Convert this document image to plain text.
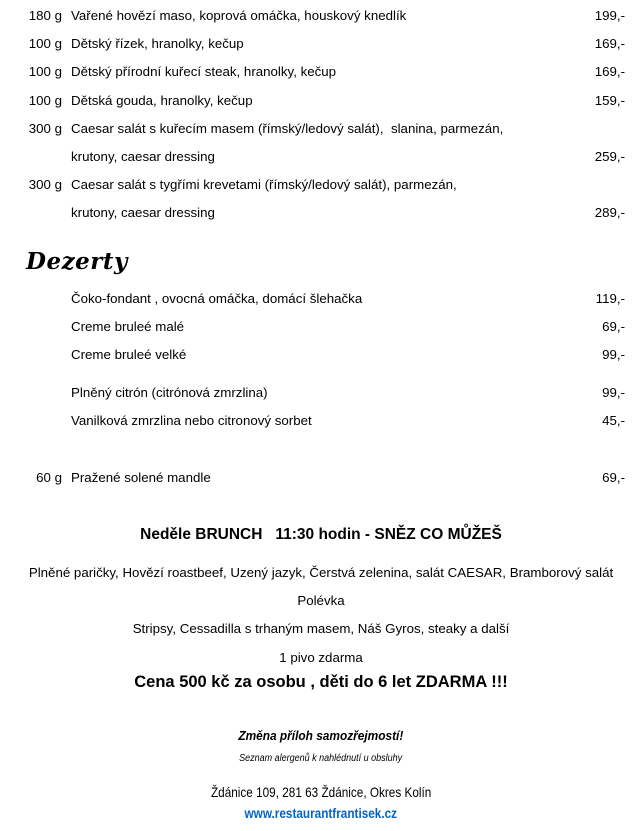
180 g Vařené hovězí maso, koprová omáčka, houskový knedlík	199,-
100 g Dětský řízek, hranolky, kečup	169,-
100 g Dětský přírodní kuřecí steak, hranolky, kečup	169,-
100 g Dětská gouda, hranolky, kečup	159,-
300 g Caesar salát s kuřecím masem (římský/ledový salát),  slanina, parmezán,
krutony, caesar dressing	259,-
300 g Caesar salát s tygřími krevetami (římský/ledový salát), parmezán,
krutony, caesar dressing	289,-
Dezerty
Čoko-fondant , ovocná omáčka, domácí šlehačka	119,-
Creme bruleé malé	69,-
Creme bruleé velké	99,-
Plněný citrón (citrónová zmrzlina)	99,-
Vanilková zmrzlina nebo citronový sorbet	45,-
60 g Pražené solené mandle	69,-
Neděle BRUNCH   11:30 hodin - SNĚZ CO MŮŽEŠ
Plněné paričky, Hovězí roastbeef, Uzený jazyk, Čerstvá zelenina, salát CAESAR, Bramborový salát
Polévka
Stripsy, Cessadilla s trhaným masem, Náš Gyros, steaky a další
1 pivo zdarma
Cena 500 kč za osobu , děti do 6 let ZDARMA !!!
Změna příloh samozřejmostí!
Seznam alergenů k nahlédnutí u obsluhy
Ždánice 109, 281 63 Ždánice, Okres Kolín
www.restaurantfrantisek.cz
